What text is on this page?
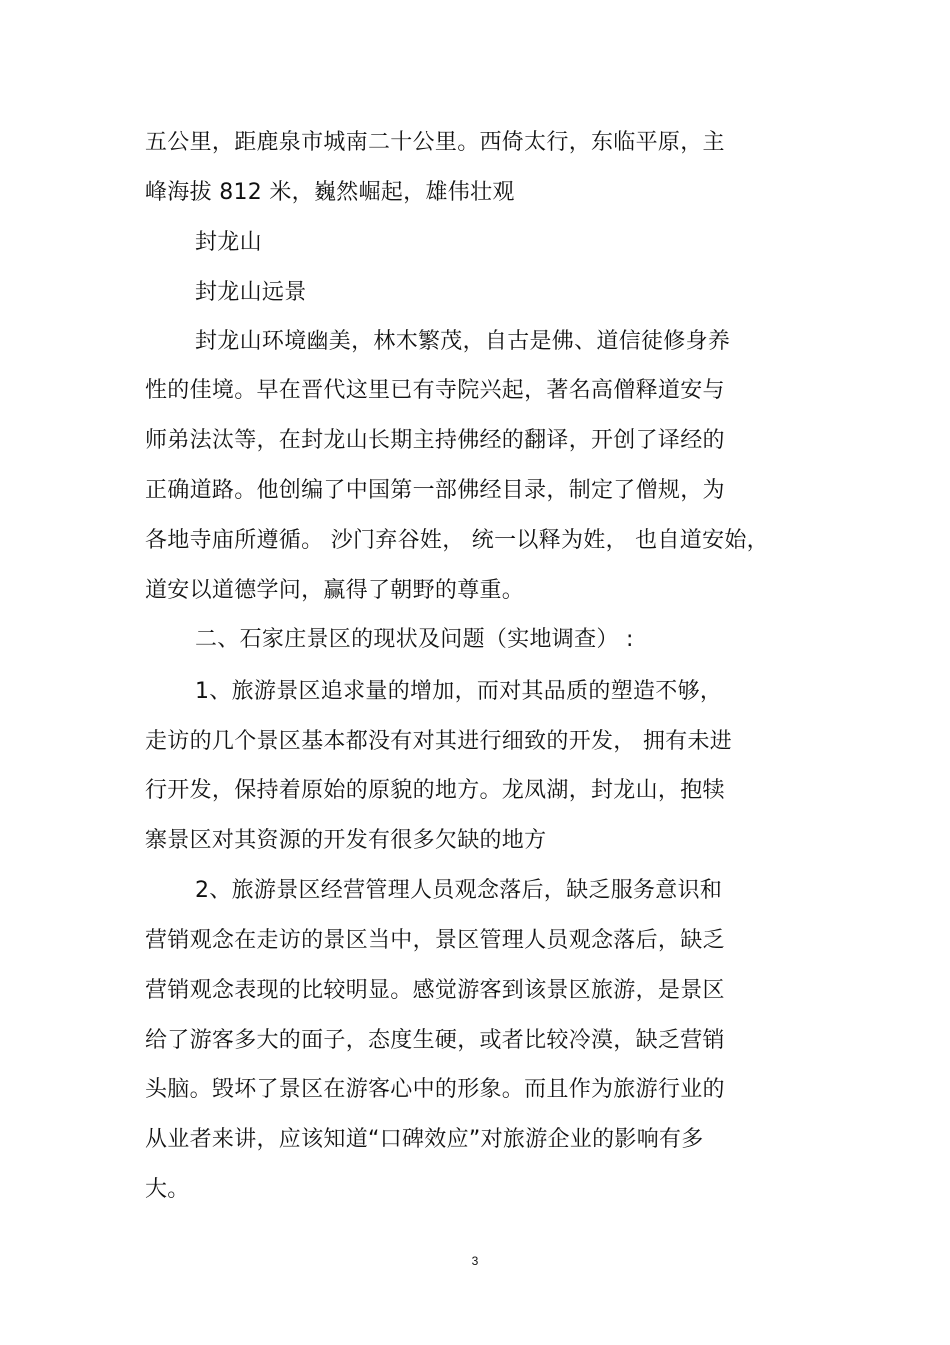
五公里，距鹿泉市城南二十公里。西倚太行，东临平原，主
峰海拔 812 米，巍然崛起，雄伟壮观
封龙山
封龙山远景
封龙山环境幽美，林木繁茂，自古是佛、道信徒修身养
性的佳境。早在晋代这里已有寺院兴起，著名高僧释道安与
师弟法汰等，在封龙山长期主持佛经的翻译，开创了译经的
正确道路。他创编了中国第一部佛经目录，制定了僧规，为
各地寺庙所遵循。 沙门弃谷姓， 统一以释为姓， 也自道安始，
道安以道德学问，赢得了朝野的尊重。
二、石家庄景区的现状及问题（实地调查） :
1、旅游景区追求量的增加，而对其品质的塑造不够，
走访的几个景区基本都没有对其进行细致的开发， 拥有未进
行开发，保持着原始的原貌的地方。龙凤湖，封龙山，抱犊
寨景区对其资源的开发有很多欠缺的地方
2、旅游景区经营管理人员观念落后，缺乏服务意识和
营销观念在走访的景区当中，景区管理人员观念落后，缺乏
营销观念表现的比较明显。感觉游客到该景区旅游，是景区
给了游客多大的面子，态度生硬，或者比较冷漠，缺乏营销
头脑。毁坏了景区在游客心中的形象。而且作为旅游行业的
从业者来讲，应该知道“口碑效应”对旅游企业的影响有多
大。
3
